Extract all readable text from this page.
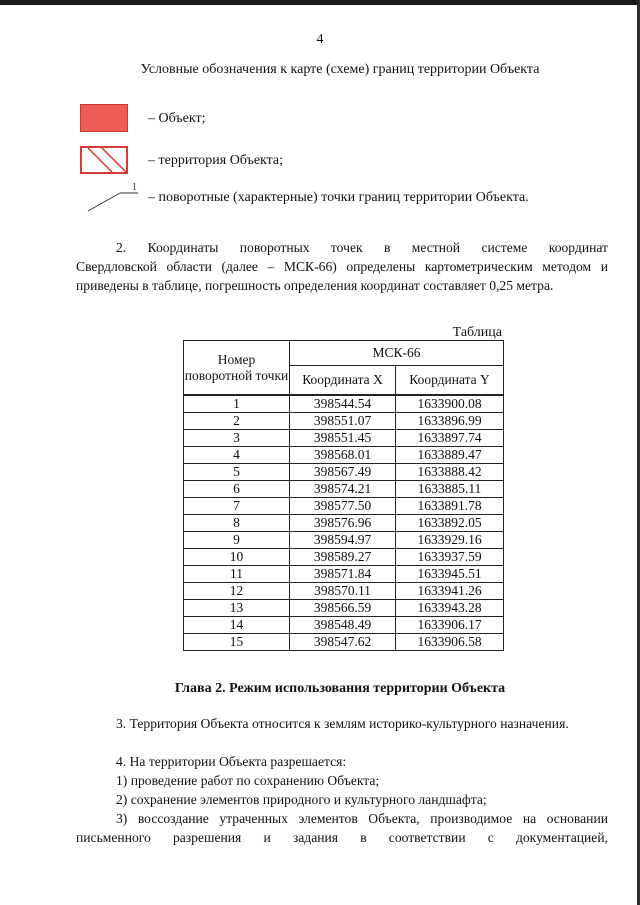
4
Условные обозначения к карте (схеме) границ территории Объекта
– Объект;
– территория Объекта;
1
– поворотные (характерные) точки границ территории Объекта.
2. Координаты поворотных точек в местной системе координат
Свердловской области (далее – МСК-66) определены картометрическим методом и приведены в таблице, погрешность определения координат составляет 0,25 метра.
Таблица
Номер поворотной точки	МСК-66	
	Координата X	Координата Y
1	398544.54	1633900.08
2	398551.07	1633896.99
3	398551.45	1633897.74
4	398568.01	1633889.47
5	398567.49	1633888.42
6	398574.21	1633885.11
7	398577.50	1633891.78
8	398576.96	1633892.05
9	398594.97	1633929.16
10	398589.27	1633937.59
11	398571.84	1633945.51
12	398570.11	1633941.26
13	398566.59	1633943.28
14	398548.49	1633906.17
15	398547.62	1633906.58
Глава 2. Режим использования территории Объекта
3. Территория Объекта относится к землям историко-культурного назначения.
4. На территории Объекта разрешается:
1) проведение работ по сохранению Объекта;
2) сохранение элементов природного и культурного ландшафта;
3) воссоздание утраченных элементов Объекта, производимое на основании
письменного разрешения и задания в соответствии с документацией,
